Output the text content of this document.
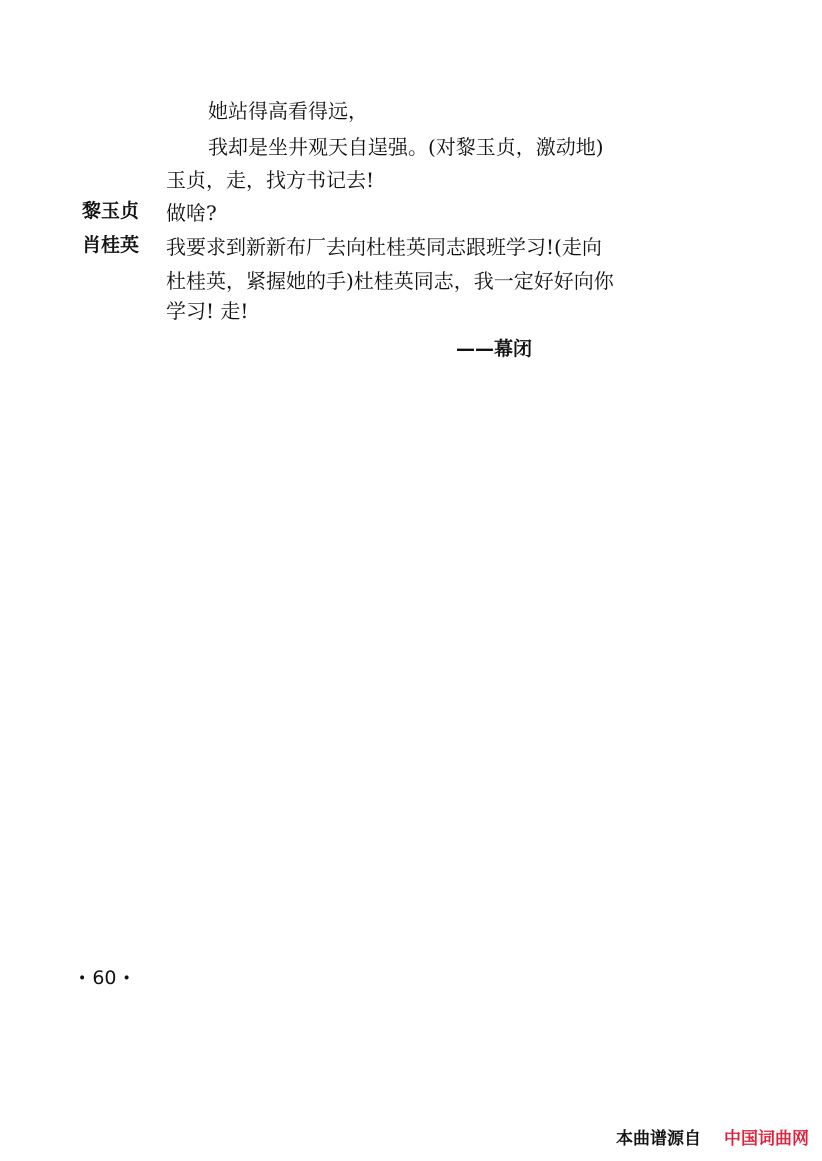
她站得高看得远，
我却是坐井观天自逞强。(对黎玉贞，激动地)
玉贞，走，找方书记去!
黎玉贞 做啥?
肖桂英 我要求到新新布厂去向杜桂英同志跟班学习!(走向
杜桂英，紧握她的手)杜桂英同志，我一定好好向你
学习! 走!
——幕闭
• 60 •
本曲谱源自 中国词曲网
